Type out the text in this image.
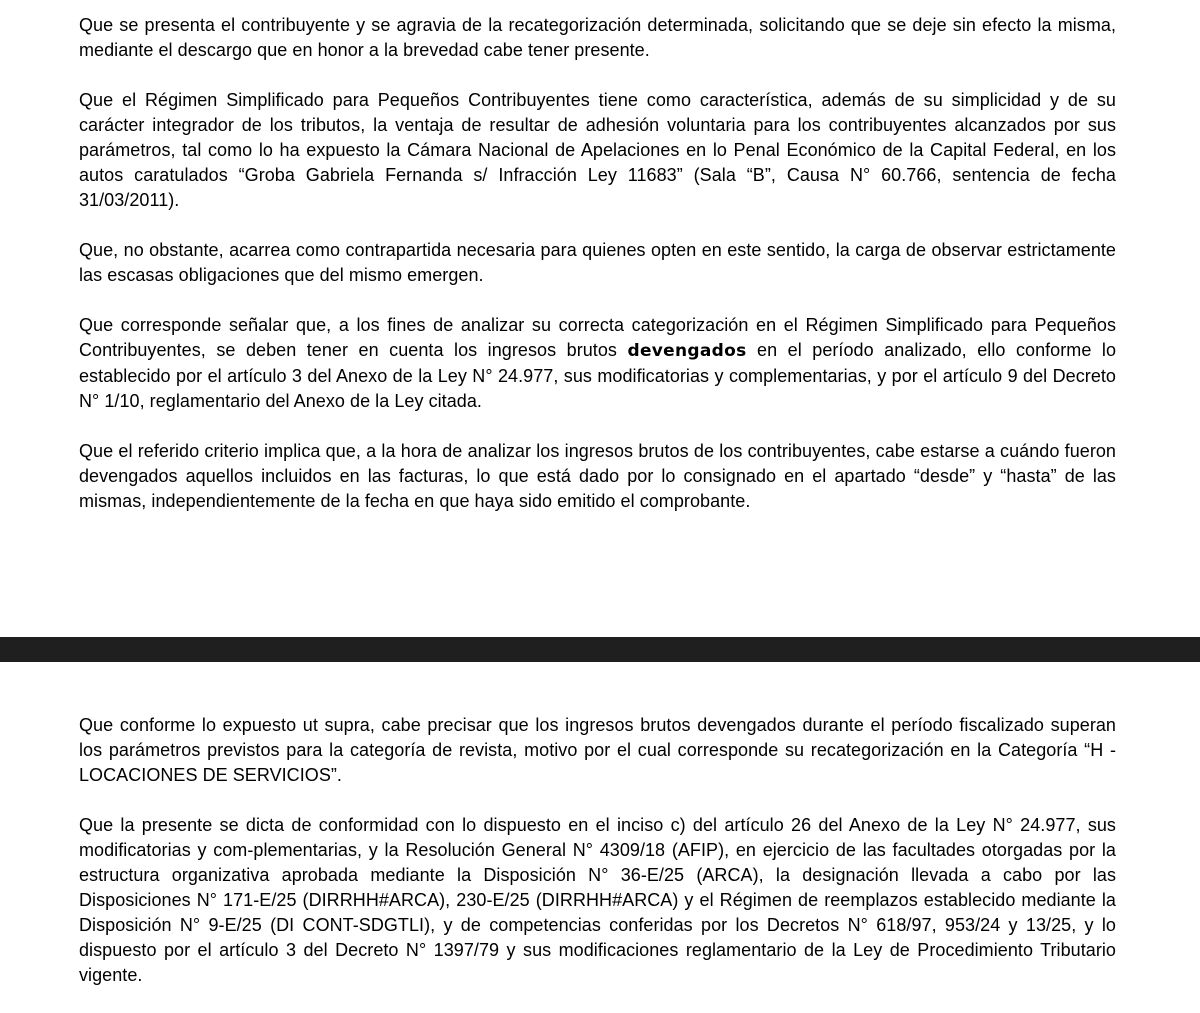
Que se presenta el contribuyente y se agravia de la recategorización determinada, solicitando que se deje sin efecto la misma, mediante el descargo que en honor a la brevedad cabe tener presente.

Que el Régimen Simplificado para Pequeños Contribuyentes tiene como característica, además de su simplicidad y de su carácter integrador de los tributos, la ventaja de resultar de adhesión voluntaria para los contribuyentes alcanzados por sus parámetros, tal como lo ha expuesto la Cámara Nacional de Apelaciones en lo Penal Económico de la Capital Federal, en los autos caratulados “Groba Gabriela Fernanda s/ Infracción Ley 11683” (Sala “B”, Causa N° 60.766, sentencia de fecha 31/03/2011).

Que, no obstante, acarrea como contrapartida necesaria para quienes opten en este sentido, la carga de observar estrictamente las escasas obligaciones que del mismo emergen.

Que corresponde señalar que, a los fines de analizar su correcta categorización en el Régimen Simplificado para Pequeños Contribuyentes, se deben tener en cuenta los ingresos brutos devengados en el período analizado, ello conforme lo establecido por el artículo 3 del Anexo de la Ley N° 24.977, sus modificatorias y complementarias, y por el artículo 9 del Decreto N° 1/10, reglamentario del Anexo de la Ley citada.

Que el referido criterio implica que, a la hora de analizar los ingresos brutos de los contribuyentes, cabe estarse a cuándo fueron devengados aquellos incluidos en las facturas, lo que está dado por lo consignado en el apartado “desde” y “hasta” de las mismas, independientemente de la fecha en que haya sido emitido el comprobante.

Que conforme lo expuesto ut supra, cabe precisar que los ingresos brutos devengados durante el período fiscalizado superan los parámetros previstos para la categoría de revista, motivo por el cual corresponde su recategorización en la Categoría “H - LOCACIONES DE SERVICIOS”.

Que la presente se dicta de conformidad con lo dispuesto en el inciso c) del artículo 26 del Anexo de la Ley N° 24.977, sus modificatorias y com-plementarias, y la Resolución General N° 4309/18 (AFIP), en ejercicio de las facultades otorgadas por la estructura organizativa aprobada mediante la Disposición N° 36-E/25 (ARCA), la designación llevada a cabo por las Disposiciones N° 171-E/25 (DIRRHH#ARCA), 230-E/25 (DIRRHH#ARCA) y el Régimen de reemplazos establecido mediante la Disposición N° 9-E/25 (DI CONT-SDGTLI), y de competencias conferidas por los Decretos N° 618/97, 953/24 y 13/25, y lo dispuesto por el artículo 3 del Decreto N° 1397/79 y sus modificaciones reglamentario de la Ley de Procedimiento Tributario vigente.
